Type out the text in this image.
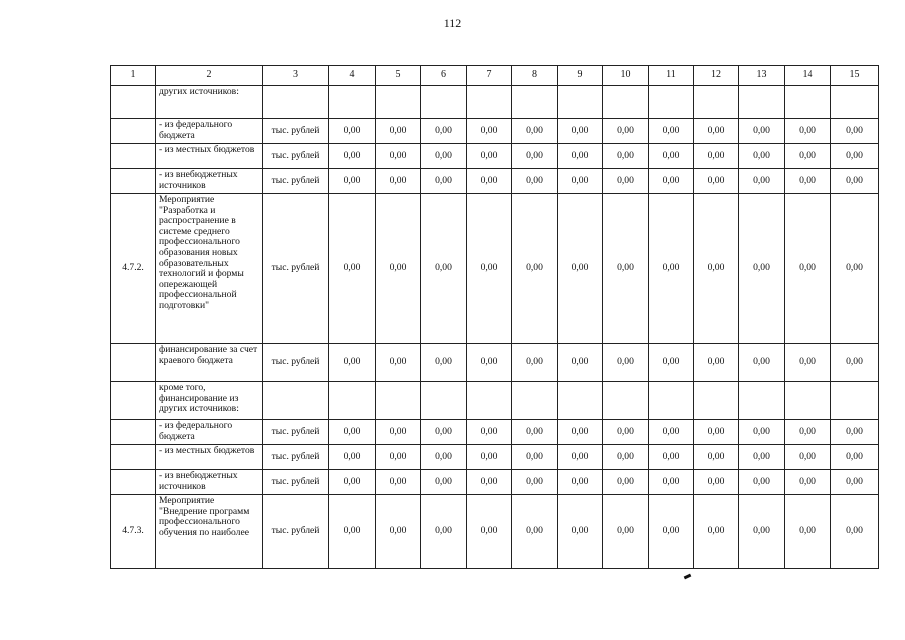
112
1	2	3	4	5	6	7	8	9	10	11	12	13	14	15
	других источников:													
	- из федерального бюджета	тыс. рублей	0,00	0,00	0,00	0,00	0,00	0,00	0,00	0,00	0,00	0,00	0,00	0,00
	- из местных бюджетов	тыс. рублей	0,00	0,00	0,00	0,00	0,00	0,00	0,00	0,00	0,00	0,00	0,00	0,00
	- из внебюджетных источников	тыс. рублей	0,00	0,00	0,00	0,00	0,00	0,00	0,00	0,00	0,00	0,00	0,00	0,00
4.7.2.	Мероприятие "Разработка и распространение в системе среднего профессионального образования новых образовательных технологий и формы опережающей профессиональной подготовки"	тыс. рублей	0,00	0,00	0,00	0,00	0,00	0,00	0,00	0,00	0,00	0,00	0,00	0,00
	финансирование за счет краевого бюджета	тыс. рублей	0,00	0,00	0,00	0,00	0,00	0,00	0,00	0,00	0,00	0,00	0,00	0,00
	кроме того, финансирование из других источников:													
	- из федерального бюджета	тыс. рублей	0,00	0,00	0,00	0,00	0,00	0,00	0,00	0,00	0,00	0,00	0,00	0,00
	- из местных бюджетов	тыс. рублей	0,00	0,00	0,00	0,00	0,00	0,00	0,00	0,00	0,00	0,00	0,00	0,00
	- из внебюджетных источников	тыс. рублей	0,00	0,00	0,00	0,00	0,00	0,00	0,00	0,00	0,00	0,00	0,00	0,00
4.7.3.	Мероприятие "Внедрение программ профессионального обучения по наиболее	тыс. рублей	0,00	0,00	0,00	0,00	0,00	0,00	0,00	0,00	0,00	0,00	0,00	0,00
